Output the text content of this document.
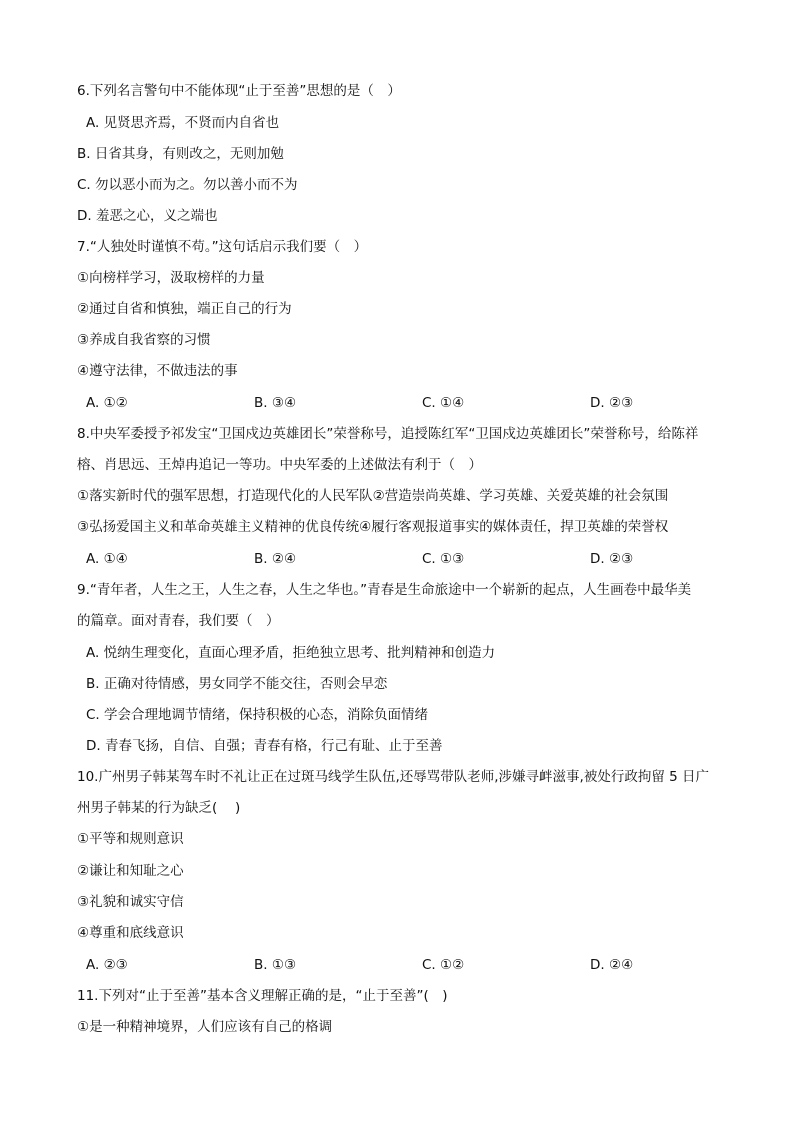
6.下列名言警句中不能体现“止于至善”思想的是（　）
A. 见贤思齐焉，不贤而内自省也
B. 日省其身，有则改之，无则加勉
C. 勿以恶小而为之。勿以善小而不为
D. 羞恶之心，义之端也
7.“人独处时谨慎不苟。”这句话启示我们要（　）
①向榜样学习，汲取榜样的力量
②通过自省和慎独，端正自己的行为
③养成自我省察的习惯
④遵守法律，不做违法的事
A. ①②	B. ③④	C. ①④	D. ②③
8.中央军委授予祁发宝“卫国戍边英雄团长”荣誉称号，追授陈红军“卫国戍边英雄团长”荣誉称号，给陈祥
榕、肖思远、王焯冉追记一等功。中央军委的上述做法有利于（　）
①落实新时代的强军思想，打造现代化的人民军队②营造崇尚英雄、学习英雄、关爱英雄的社会氛围
③弘扬爱国主义和革命英雄主义精神的优良传统④履行客观报道事实的媒体责任，捍卫英雄的荣誉权
A. ①④	B. ②④	C. ①③	D. ②③
9.“青年者，人生之王，人生之春，人生之华也。”青春是生命旅途中一个崭新的起点，人生画卷中最华美
的篇章。面对青春，我们要（　）
A. 悦纳生理变化，直面心理矛盾，拒绝独立思考、批判精神和创造力
B. 正确对待情感，男女同学不能交往，否则会早恋
C. 学会合理地调节情绪，保持积极的心态，消除负面情绪
D. 青春飞扬，自信、自强；青春有格，行己有耻、止于至善
10.广州男子韩某驾车时不礼让正在过斑马线学生队伍,还辱骂带队老师,涉嫌寻衅滋事,被处行政拘留 5 日广
州男子韩某的行为缺乏(　 )
①平等和规则意识
②谦让和知耻之心
③礼貌和诚实守信
④尊重和底线意识
A. ②③	B. ①③	C. ①②	D. ②④
11.下列对“止于至善”基本含义理解正确的是，“止于至善”(　)
①是一种精神境界，人们应该有自己的格调
